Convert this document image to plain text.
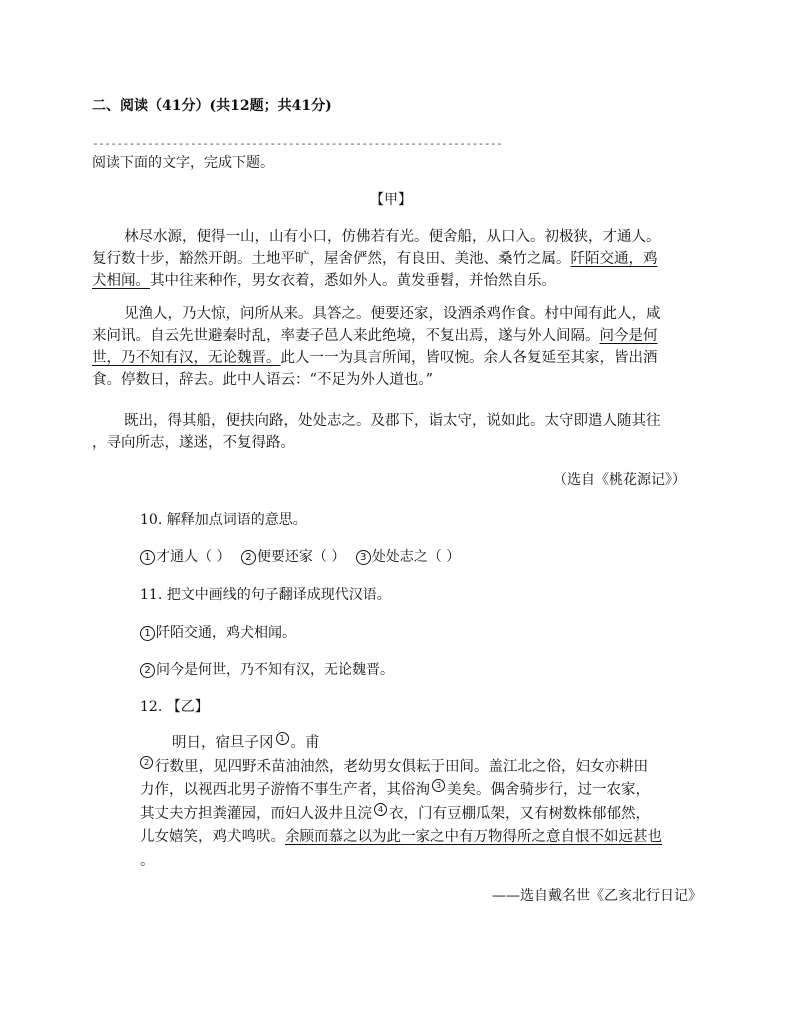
二、阅读（41分）(共12题；共41分)
-------------------------------------------------------------------
阅读下面的文字，完成下题。
【甲】
林尽水源，便得一山，山有小口，仿佛若有光。便舍船，从口入。初极狭，才通人。
复行数十步，豁然开朗。土地平旷，屋舍俨然，有良田、美池、桑竹之属。阡陌交通，鸡
犬相闻。其中往来种作，男女衣着，悉如外人。黄发垂髫，并怡然自乐。
见渔人，乃大惊，问所从来。具答之。便要还家，设酒杀鸡作食。村中闻有此人，咸
来问讯。自云先世避秦时乱，率妻子邑人来此绝境，不复出焉，遂与外人间隔。问今是何
世，乃不知有汉，无论魏晋。此人一一为具言所闻，皆叹惋。余人各复延至其家，皆出酒
食。停数日，辞去。此中人语云：“不足为外人道也。”
既出，得其船，便扶向路，处处志之。及郡下，诣太守，说如此。太守即遣人随其往
，寻向所志，遂迷，不复得路。
（选自《桃花源记》）
10. 解释加点词语的意思。
1 才通人（ ） 2 便要还家（ ） 3 处处志之（ ）
11. 把文中画线的句子翻译成现代汉语。
1 阡陌交通，鸡犬相闻。
2 问今是何世，乃不知有汉，无论魏晋。
12. 【乙】
明日，宿旦子冈 1 。甫
2 行数里，见四野禾苗油油然，老幼男女俱耘于田间。盖江北之俗，妇女亦耕田
力作，以视西北男子游惰不事生产者，其俗洵 3 美矣。偶舍骑步行，过一农家，
其丈夫方担粪灌园，而妇人汲井且浣 4 衣，门有豆棚瓜架，又有树数株郁郁然，
儿女嬉笑，鸡犬鸣吠。余顾而慕之以为此一家之中有万物得所之意自恨不如远甚也
。
——选自戴名世《乙亥北行日记》
